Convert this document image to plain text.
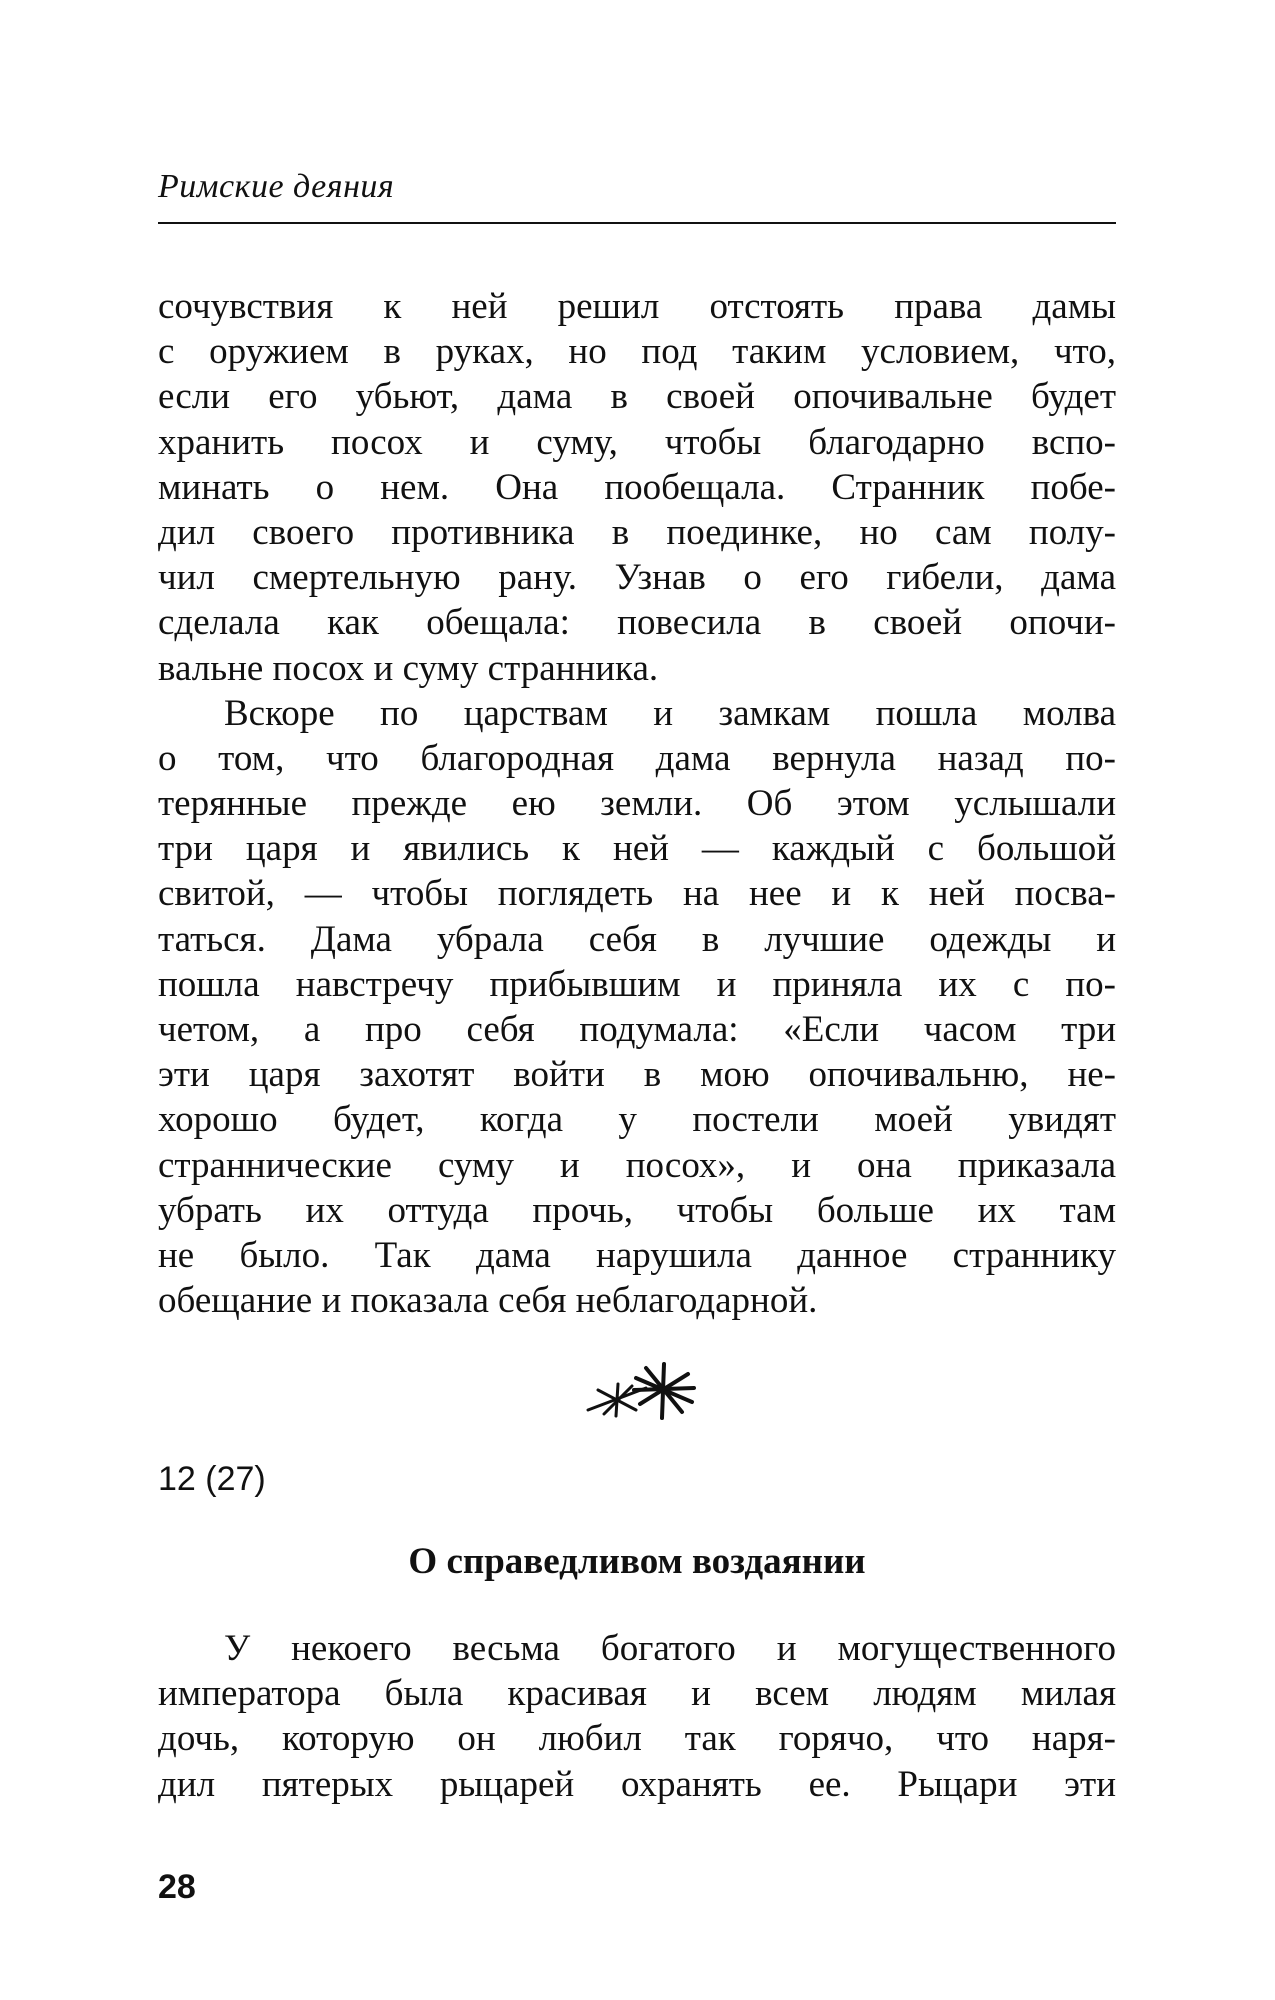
Римские деяния
сочувствия к ней решил отстоять права дамы
с оружием в руках, но под таким условием, что,
если его убьют, дама в своей опочивальне будет
хранить посох и суму, чтобы благодарно вспо-
минать о нем. Она пообещала. Странник побе-
дил своего противника в поединке, но сам полу-
чил смертельную рану. Узнав о его гибели, дама
сделала как обещала: повесила в своей опочи-
вальне посох и суму странника.
Вскоре по царствам и замкам пошла молва
о том, что благородная дама вернула назад по-
терянные прежде ею земли. Об этом услышали
три царя и явились к ней — каждый с большой
свитой, — чтобы поглядеть на нее и к ней посва-
таться. Дама убрала себя в лучшие одежды и
пошла навстречу прибывшим и приняла их с по-
четом, а про себя подумала: «Если часом три
эти царя захотят войти в мою опочивальню, не-
хорошо будет, когда у постели моей увидят
страннические суму и посох», и она приказала
убрать их оттуда прочь, чтобы больше их там
не было. Так дама нарушила данное страннику
обещание и показала себя неблагодарной.
12 (27)
О справедливом воздаянии
У некоего весьма богатого и могущественного
императора была красивая и всем людям милая
дочь, которую он любил так горячо, что наря-
дил пятерых рыцарей охранять ее. Рыцари эти
28
